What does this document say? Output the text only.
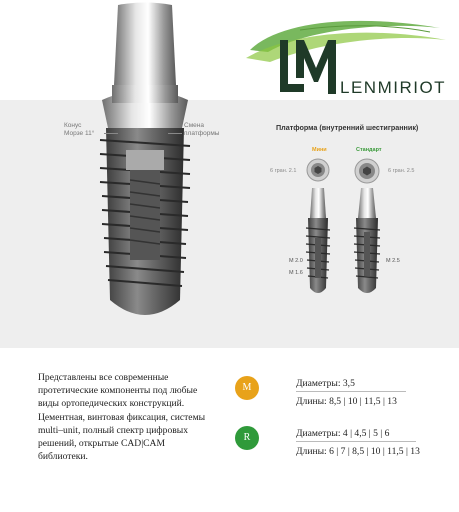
LENMIRIOT
Конус
Морзе 11°
Смена
платформы
Платформа (внутренний шестигранник)
Мини	Стандарт
6 гран. 2.1	6 гран. 2.5
M 2.0
M 1.6
M 2.5
Представлены все современные протетические компоненты под любые виды ортопедических конструкций. Цементная, винтовая фиксация, системы multi–unit, полный спектр цифровых решений, открытые CAD|CAM библиотеки.
M	Диаметры: 3,5
Длины: 8,5 | 10 | 11,5 | 13
R	Диаметры: 4 | 4,5 | 5 | 6
Длины: 6 | 7 | 8,5 | 10 | 11,5 | 13
